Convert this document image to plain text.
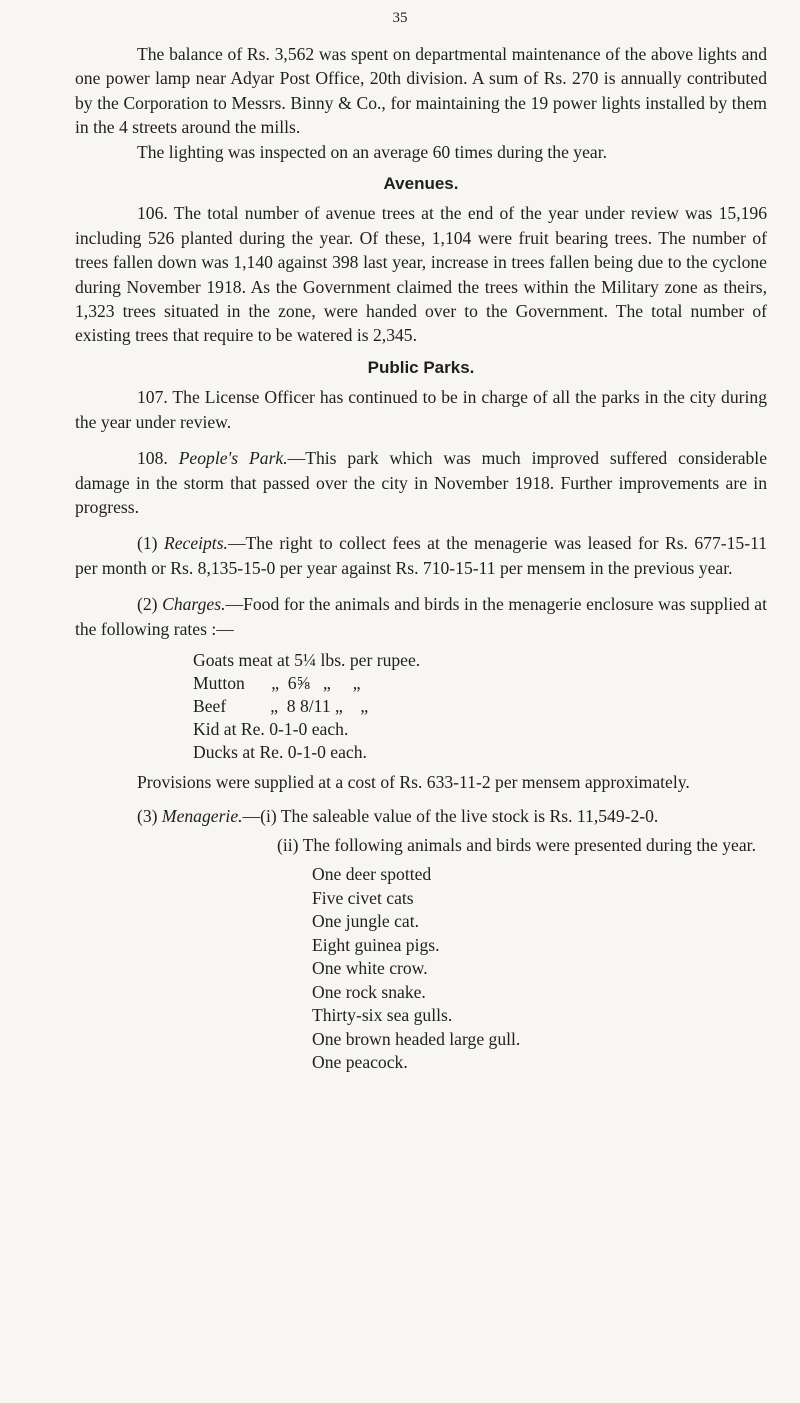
35

The balance of Rs. 3,562 was spent on departmental maintenance of the above lights and one power lamp near Adyar Post Office, 20th division. A sum of Rs. 270 is annually contributed by the Corporation to Messrs. Binny & Co., for maintaining the 19 power lights installed by them in the 4 streets around the mills.

The lighting was inspected on an average 60 times during the year.

Avenues.

106. The total number of avenue trees at the end of the year under review was 15,196 including 526 planted during the year. Of these, 1,104 were fruit bearing trees. The number of trees fallen down was 1,140 against 398 last year, increase in trees fallen being due to the cyclone during November 1918. As the Government claimed the trees within the Military zone as theirs, 1,323 trees situated in the zone, were handed over to the Government. The total number of existing trees that require to be watered is 2,345.

Public Parks.

107. The License Officer has continued to be in charge of all the parks in the city during the year under review.

108. People's Park.—This park which was much improved suffered considerable damage in the storm that passed over the city in November 1918. Further improvements are in progress.

(1) Receipts.—The right to collect fees at the menagerie was leased for Rs. 677-15-11 per month or Rs. 8,135-15-0 per year against Rs. 710-15-11 per mensem in the previous year.

(2) Charges.—Food for the animals and birds in the menagerie enclosure was supplied at the following rates :—

Goats meat at 5¼ lbs. per rupee.
Mutton      „  6⅝   „     „
Beef          „  8 8/11 „    „
Kid at Re. 0-1-0 each.
Ducks at Re. 0-1-0 each.

Provisions were supplied at a cost of Rs. 633-11-2 per mensem approximately.

(3) Menagerie.—(i) The saleable value of the live stock is Rs. 11,549-2-0.

(ii) The following animals and birds were presented during the year.

One deer spotted
Five civet cats
One jungle cat.
Eight guinea pigs.
One white crow.
One rock snake.
Thirty-six sea gulls.
One brown headed large gull.
One peacock.
